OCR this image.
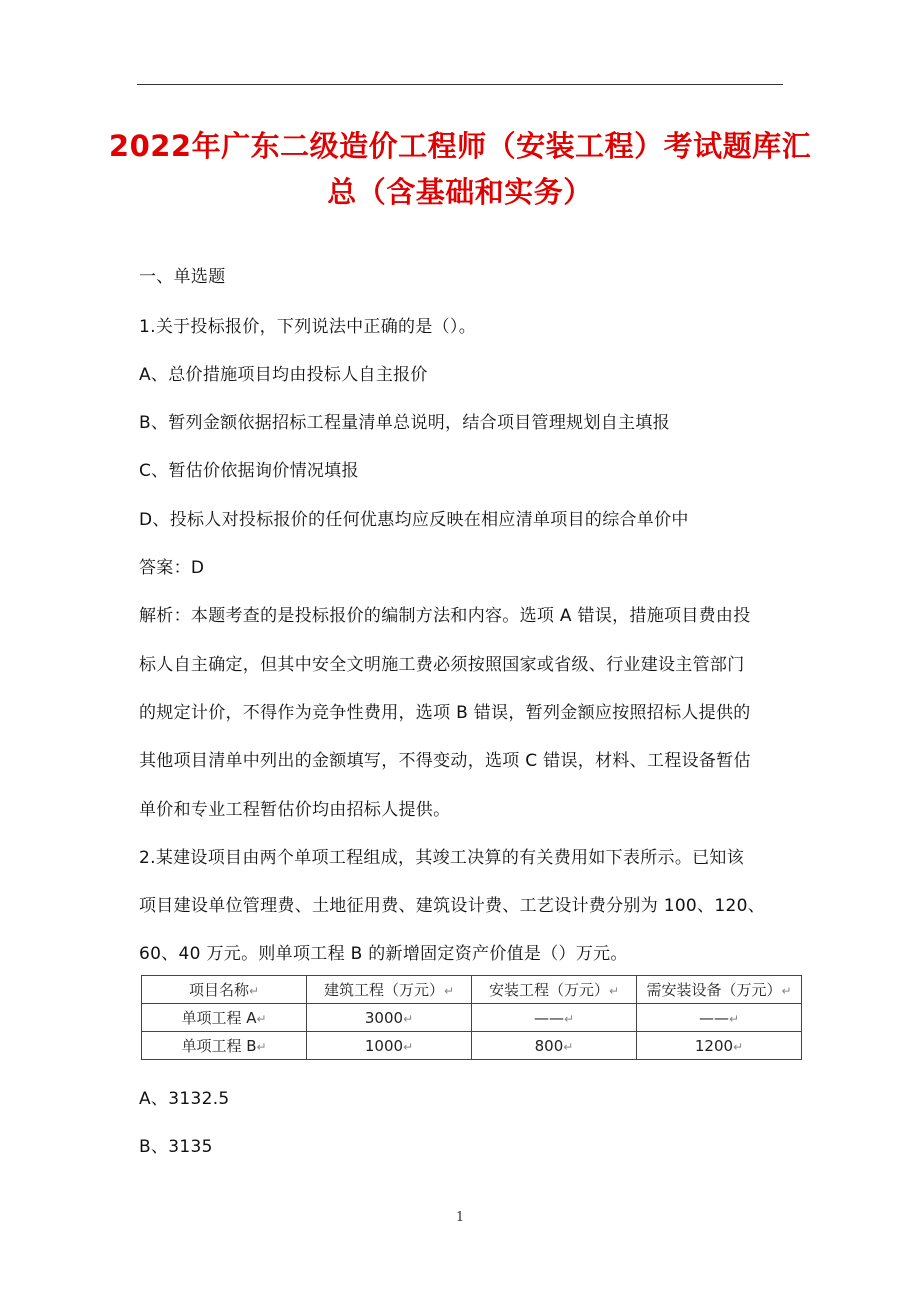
2022年广东二级造价工程师（安装工程）考试题库汇
总（含基础和实务）
一、单选题
1.关于投标报价，下列说法中正确的是（）。
A、总价措施项目均由投标人自主报价
B、暂列金额依据招标工程量清单总说明，结合项目管理规划自主填报
C、暂估价依据询价情况填报
D、投标人对投标报价的任何优惠均应反映在相应清单项目的综合单价中
答案：D
解析：本题考查的是投标报价的编制方法和内容。选项 A 错误，措施项目费由投
标人自主确定，但其中安全文明施工费必须按照国家或省级、行业建设主管部门
的规定计价，不得作为竞争性费用，选项 B 错误，暂列金额应按照招标人提供的
其他项目清单中列出的金额填写，不得变动，选项 C 错误，材料、工程设备暂估
单价和专业工程暂估价均由招标人提供。
2.某建设项目由两个单项工程组成，其竣工决算的有关费用如下表所示。已知该
项目建设单位管理费、土地征用费、建筑设计费、工艺设计费分别为 100、120、
60、40 万元。则单项工程 B 的新增固定资产价值是（）万元。
项目名称↵	建筑工程（万元）↵	安装工程（万元）↵	需安装设备（万元）↵
单项工程 A↵	3000↵	——↵	——↵
单项工程 B↵	1000↵	800↵	1200↵
A、3132.5
B、3135
1
